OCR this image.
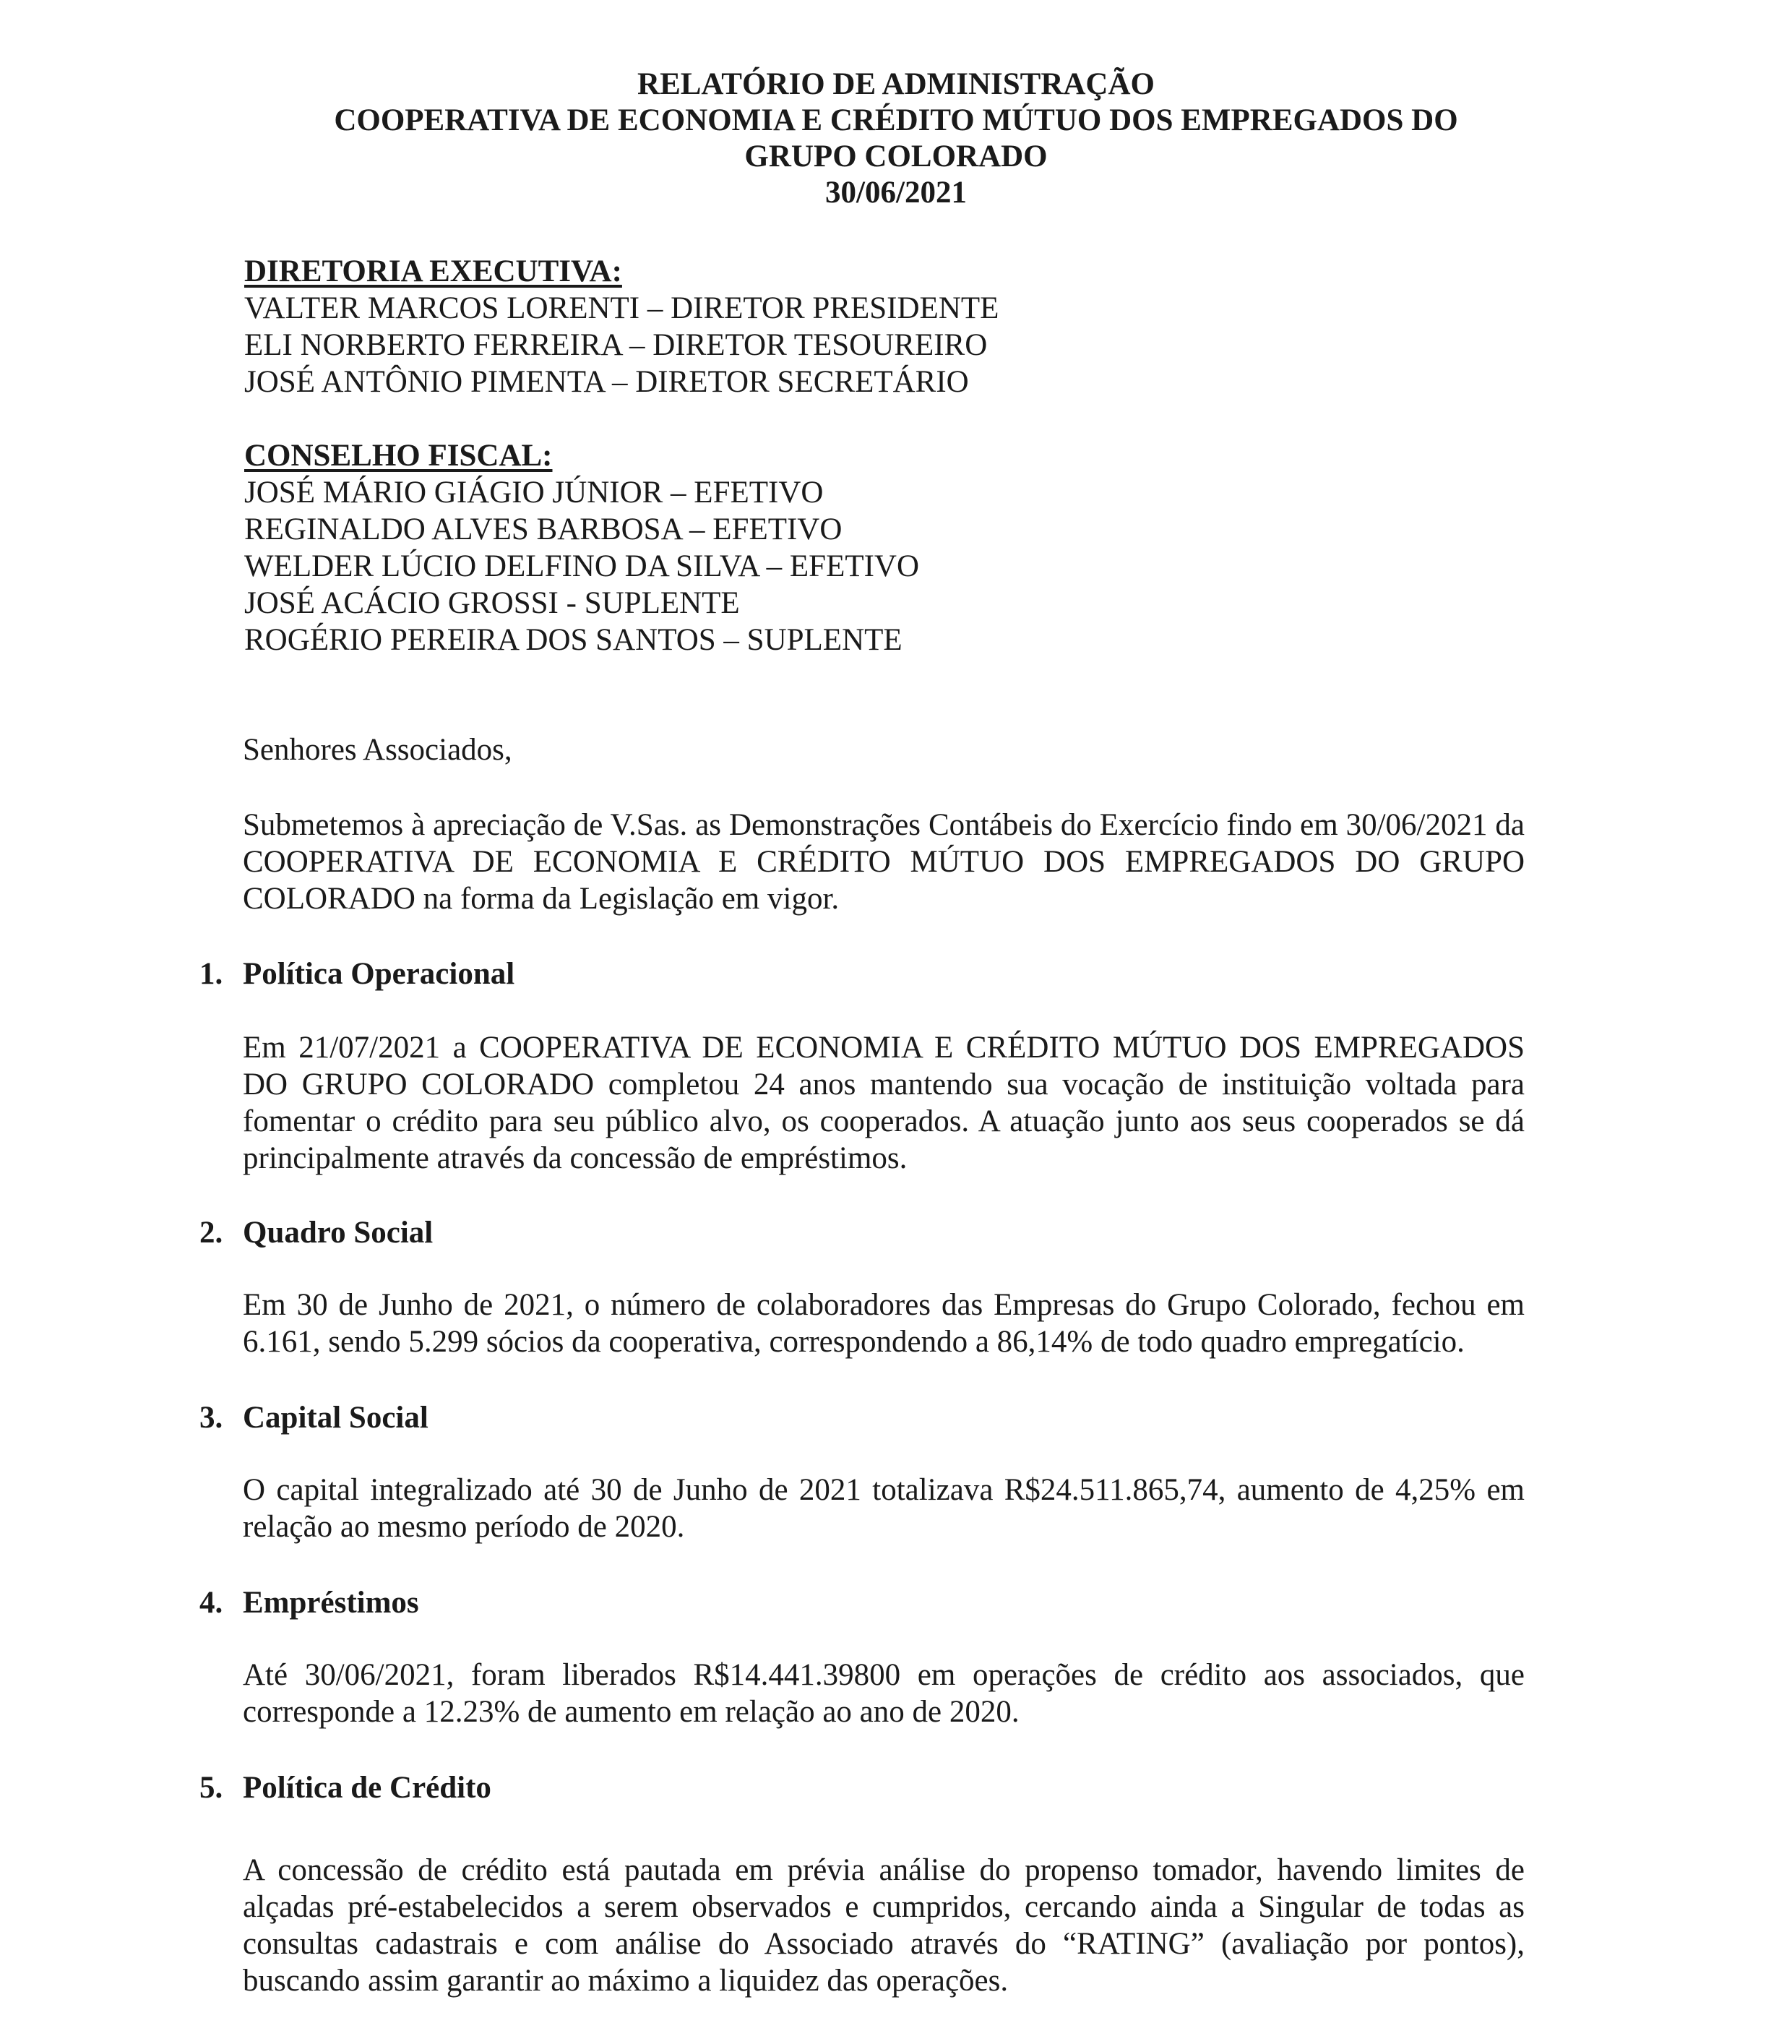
RELATÓRIO DE ADMINISTRAÇÃO
COOPERATIVA DE ECONOMIA E CRÉDITO MÚTUO DOS EMPREGADOS DO
GRUPO COLORADO
30/06/2021
DIRETORIA EXECUTIVA:
VALTER MARCOS LORENTI – DIRETOR PRESIDENTE
ELI NORBERTO FERREIRA – DIRETOR TESOUREIRO
JOSÉ ANTÔNIO PIMENTA – DIRETOR SECRETÁRIO
CONSELHO FISCAL:
JOSÉ MÁRIO GIÁGIO JÚNIOR – EFETIVO
REGINALDO ALVES BARBOSA – EFETIVO
WELDER LÚCIO DELFINO DA SILVA – EFETIVO
JOSÉ ACÁCIO GROSSI - SUPLENTE
ROGÉRIO PEREIRA DOS SANTOS – SUPLENTE
Senhores Associados,
Submetemos à apreciação de V.Sas. as Demonstrações Contábeis do Exercício findo em 30/06/2021 da COOPERATIVA DE ECONOMIA E CRÉDITO MÚTUO DOS EMPREGADOS DO GRUPO COLORADO na forma da Legislação em vigor.
1. Política Operacional
Em 21/07/2021 a COOPERATIVA DE ECONOMIA E CRÉDITO MÚTUO DOS EMPREGADOS DO GRUPO COLORADO completou 24 anos mantendo sua vocação de instituição voltada para fomentar o crédito para seu público alvo, os cooperados. A atuação junto aos seus cooperados se dá principalmente através da concessão de empréstimos.
2. Quadro Social
Em 30 de Junho de 2021, o número de colaboradores das Empresas do Grupo Colorado, fechou em 6.161, sendo 5.299 sócios da cooperativa, correspondendo a 86,14% de todo quadro empregatício.
3. Capital Social
O capital integralizado até 30 de Junho de 2021 totalizava R$24.511.865,74, aumento de 4,25% em relação ao mesmo período de 2020.
4. Empréstimos
Até 30/06/2021, foram liberados R$14.441.39800 em operações de crédito aos associados, que corresponde a 12.23% de aumento em relação ao ano de 2020.
5. Política de Crédito
A concessão de crédito está pautada em prévia análise do propenso tomador, havendo limites de alçadas pré-estabelecidos a serem observados e cumpridos, cercando ainda a Singular de todas as consultas cadastrais e com análise do Associado através do “RATING” (avaliação por pontos), buscando assim garantir ao máximo a liquidez das operações.
